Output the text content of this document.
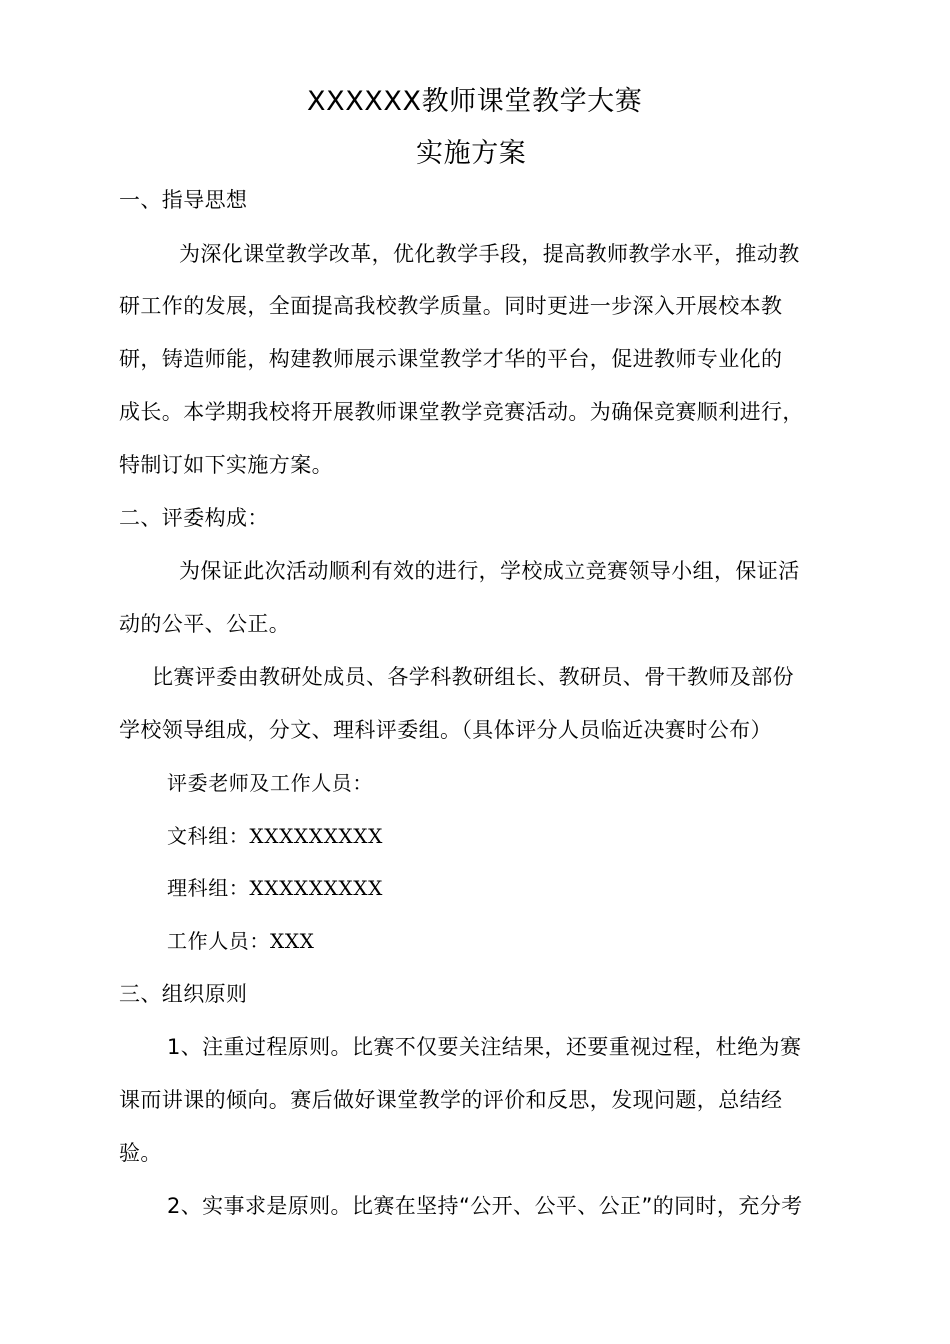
XXXXXX教师课堂教学大赛
实施方案
一、指导思想
为深化课堂教学改革，优化教学手段，提高教师教学水平，推动教
研工作的发展，全面提高我校教学质量。同时更进一步深入开展校本教
研，铸造师能，构建教师展示课堂教学才华的平台，促进教师专业化的
成长。本学期我校将开展教师课堂教学竞赛活动。为确保竞赛顺利进行，
特制订如下实施方案。
二、评委构成：
为保证此次活动顺利有效的进行，学校成立竞赛领导小组，保证活
动的公平、公正。
比赛评委由教研处成员、各学科教研组长、教研员、骨干教师及部份
学校领导组成，分文、理科评委组。（具体评分人员临近决赛时公布）
评委老师及工作人员：
文科组：XXXXXXXXX
理科组：XXXXXXXXX
工作人员：XXX
三、组织原则
1、注重过程原则。比赛不仅要关注结果，还要重视过程，杜绝为赛
课而讲课的倾向。赛后做好课堂教学的评价和反思，发现问题，总结经
验。
2、实事求是原则。比赛在坚持“公开、公平、公正”的同时，充分考
